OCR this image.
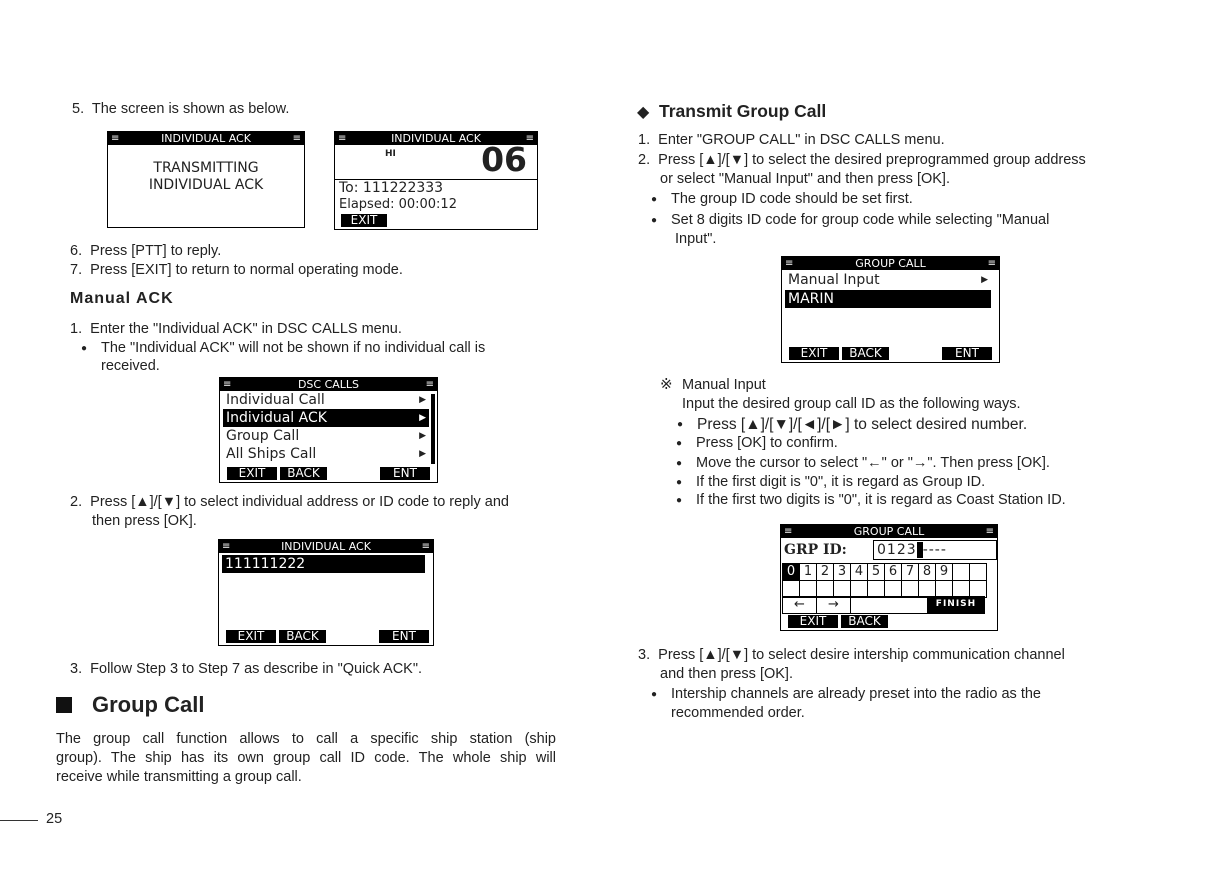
5. The screen is shown as below.
≡	INDIVIDUAL ACK	≡
TRANSMITTING
INDIVIDUAL ACK
≡	INDIVIDUAL ACK	≡
HI	06
To: 111222333
Elapsed: 00:00:12
EXIT
6. Press [PTT] to reply.
7. Press [EXIT] to return to normal operating mode.
Manual ACK
1. Enter the "Individual ACK" in DSC CALLS menu.
● The "Individual ACK" will not be shown if no individual call is
received.
≡	DSC CALLS	≡
Individual Call	▶
Individual ACK	▶
Group Call	▶
All Ships Call	▶
EXIT	BACK	ENT
2. Press [▲]/[▼] to select individual address or ID code to reply and
then press [OK].
≡	INDIVIDUAL ACK	≡
111111222
EXIT	BACK	ENT
3. Follow Step 3 to Step 7 as describe in "Quick ACK".
Group Call
The group call function allows to call a specific ship station (ship
group). The ship has its own group call ID code. The whole ship will
receive while transmitting a group call.
25
◆ Transmit Group Call
1. Enter "GROUP CALL" in DSC CALLS menu.
2. Press [▲]/[▼] to select the desired preprogrammed group address
or select "Manual Input" and then press [OK].
● The group ID code should be set first.
● Set 8 digits ID code for group code while selecting "Manual
Input".
≡	GROUP CALL	≡
Manual Input	▶
MARIN
EXIT	BACK	ENT
※ Manual Input
Input the desired group call ID as the following ways.
● Press [▲]/[▼]/[◄]/[►] to select desired number.
● Press [OK] to confirm.
● Move the cursor to select "←" or "→". Then press [OK].
● If the first digit is "0", it is regard as Group ID.
● If the first two digits is "0", it is regard as Coast Station ID.
≡	GROUP CALL	≡
GRP ID: 0123-----
0 1 2 3 4 5 6 7 8 9
←	→	FINISH
EXIT	BACK
3. Press [▲]/[▼] to select desire intership communication channel
and then press [OK].
● Intership channels are already preset into the radio as the
recommended order.
